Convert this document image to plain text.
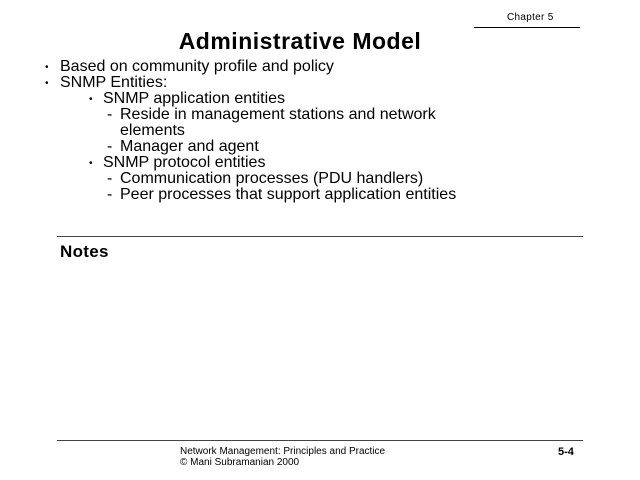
Chapter 5
Administrative Model
• Based on community profile and policy
• SNMP Entities:
• SNMP application entities
- Reside in management stations and network
elements
- Manager and agent
• SNMP protocol entities
- Communication processes (PDU handlers)
- Peer processes that support application entities
Notes
Network Management: Principles and Practice
© Mani Subramanian 2000
5-4
